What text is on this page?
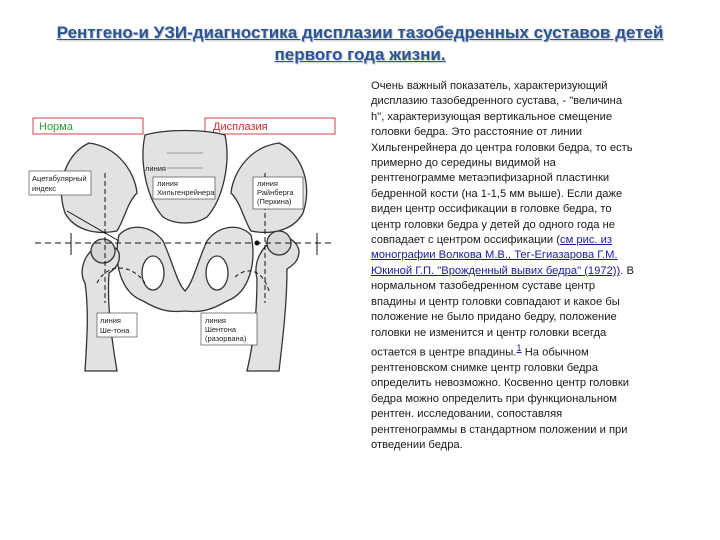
Рентгено-и УЗИ-диагностика дисплазии тазобедренных суставов детей
первого года жизни.
Норма	Дисплазия
Ацетабулярный
индекс
линия
Хильгенрейнера
линия
Райнберга
(Перкина)
линия
Ше-тона
линия
Шентона
(разорвана)
линия

Очень важный показатель, характеризующий

дисплазию тазобедренного сустава, - "величина

h", характеризующая вертикальное смещение

головки бедра. Это расстояние от линии

Хильгенрейнера до центра головки бедра, то есть

примерно до середины видимой на

рентгенограмме метаэпифизарной пластинки

бедренной кости (на 1-1,5 мм выше). Если даже

виден центр оссификации в головке бедра, то

центр головки бедра у детей до одного года не

совпадает с центром оссификации (см рис. из

монографии Волкова М.В., Тег-Егиазарова Г.М.

Юкиной Г.П. "Врожденный вывих бедра" (1972)). В

нормальном тазобедренном суставе центр

впадины и центр головки совпадают и какое бы

положение не было придано бедру, положение

головки не изменится и центр головки всегда

остается в центре впадины.$^1$ На обычном

рентгеновском снимке центр головки бедра

определить невозможно. Косвенно центр головки

бедра можно определить при функциональном

рентген. исследовании, сопоставляя

рентгенограммы в стандартном положении и при

отведении бедра.
